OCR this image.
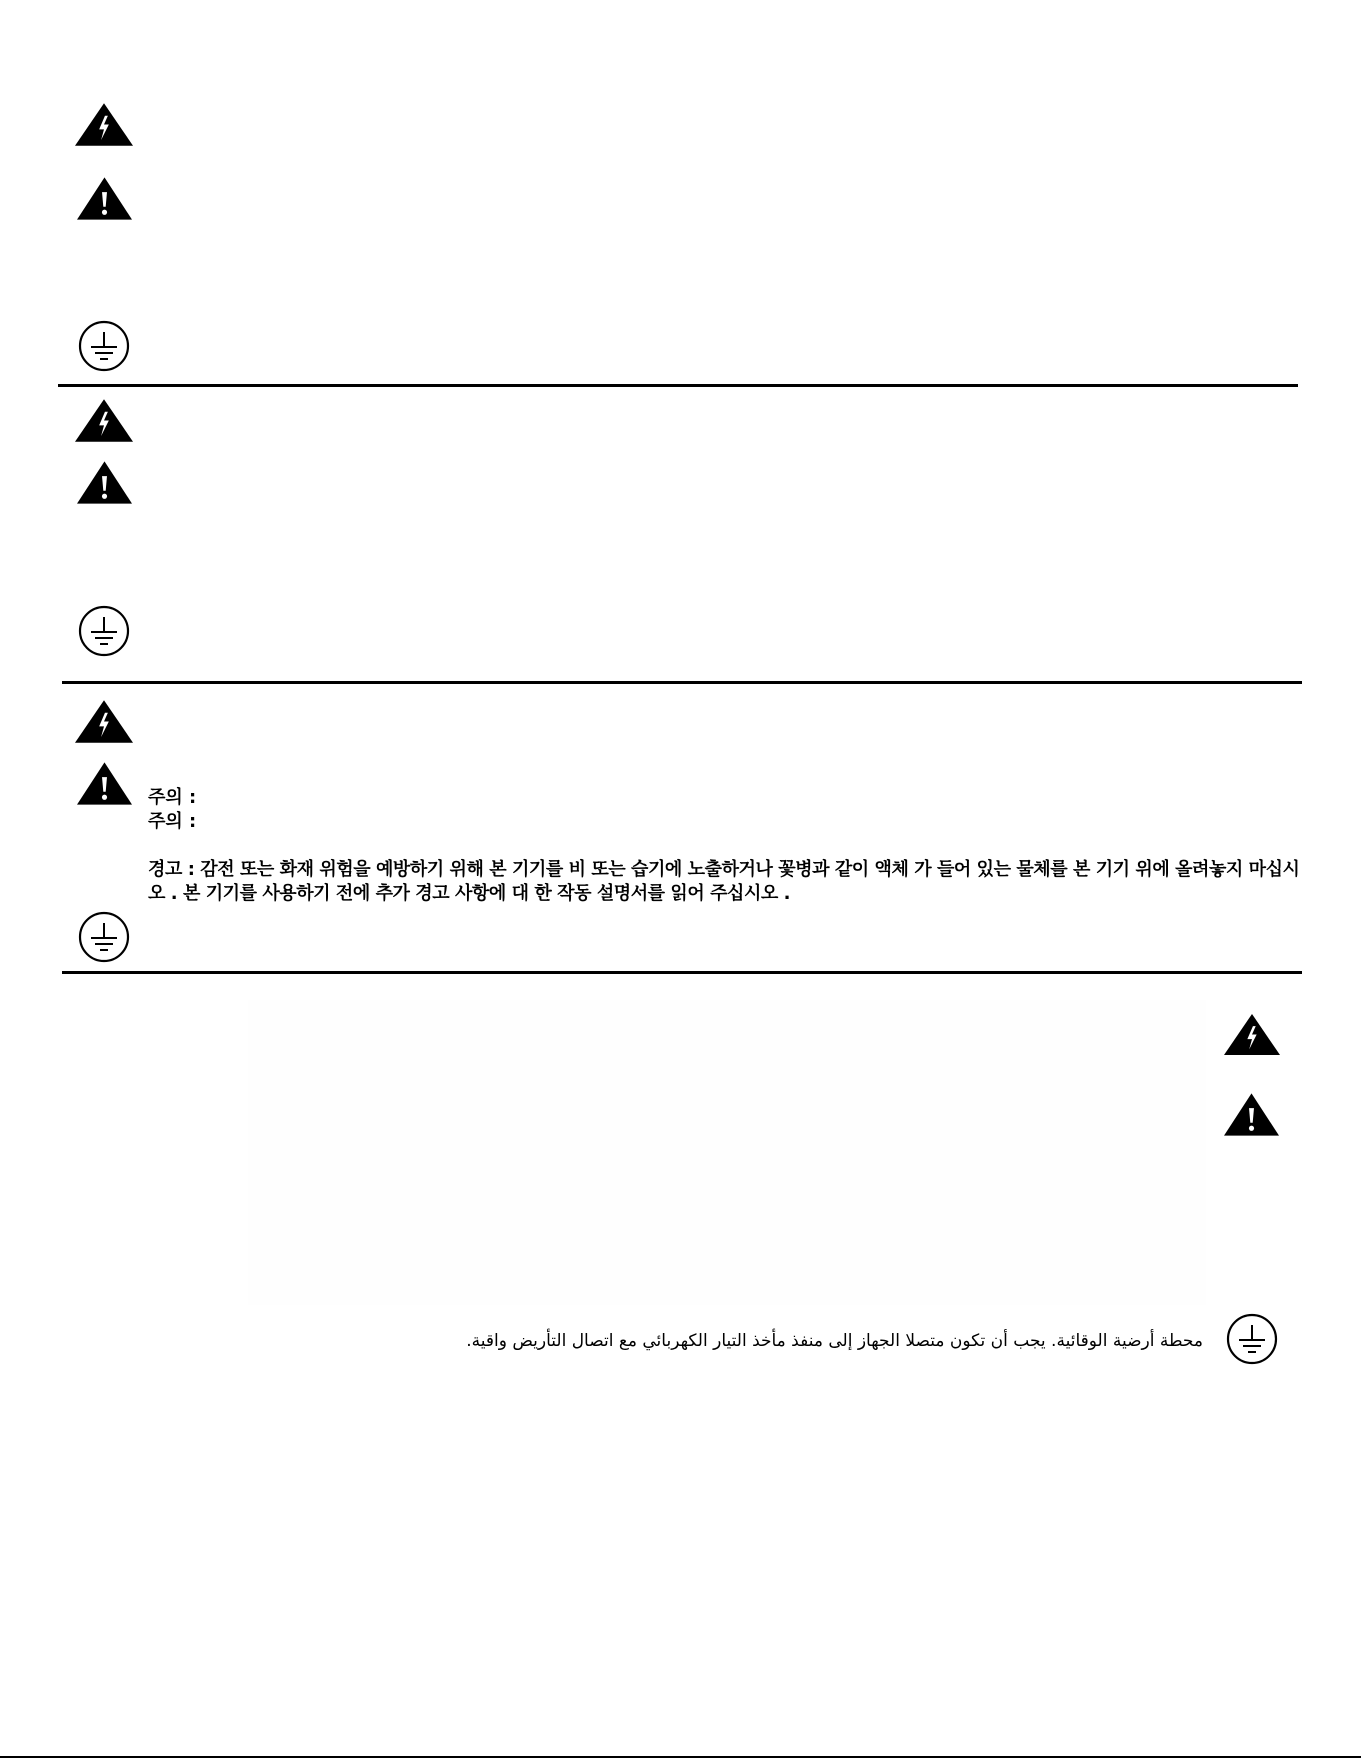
주의 :
주의 :
경고 : 감전 또는 화재 위험을 예방하기 위해 본 기기를 비 또는 습기에 노출하거나 꽃병과 같이 액체 가 들어 있는 물체를 본 기기 위에 올려놓지 마십시오 . 본 기기를 사용하기 전에 추가 경고 사항에 대 한 작동 설명서를 읽어 주십시오 .
محطة أرضية الوقائية. يجب أن تكون متصلا الجهاز إلى منفذ مأخذ التيار الكهربائي مع اتصال التأريض واقية.
